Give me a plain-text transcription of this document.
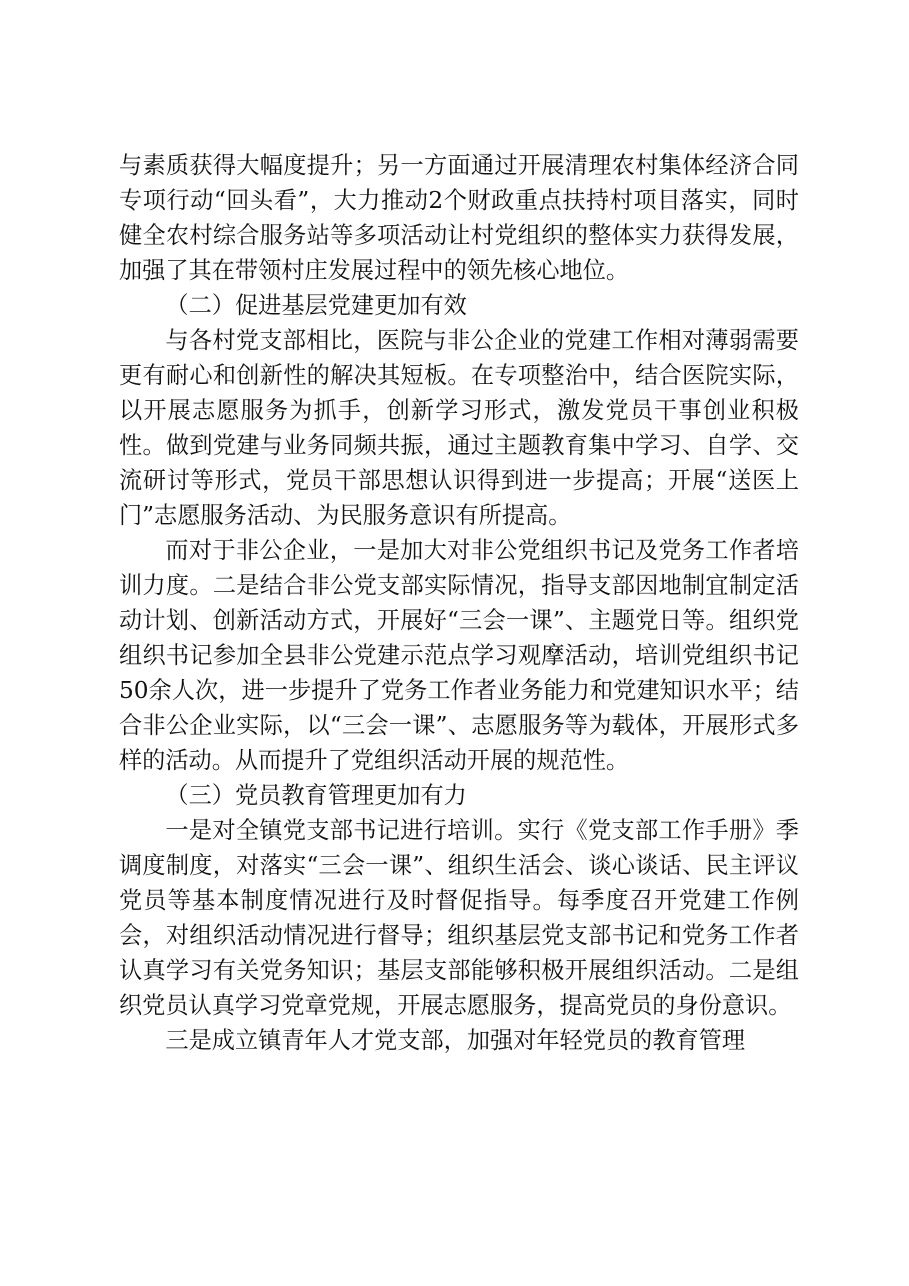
与素质获得大幅度提升；另一方面通过开展清理农村集体经济合同专项行动“回头看”，大力推动2个财政重点扶持村项目落实，同时健全农村综合服务站等多项活动让村党组织的整体实力获得发展，加强了其在带领村庄发展过程中的领先核心地位。

（二）促进基层党建更加有效

与各村党支部相比，医院与非公企业的党建工作相对薄弱需要更有耐心和创新性的解决其短板。在专项整治中，结合医院实际，以开展志愿服务为抓手，创新学习形式，激发党员干事创业积极性。做到党建与业务同频共振，通过主题教育集中学习、自学、交流研讨等形式，党员干部思想认识得到进一步提高；开展“送医上门”志愿服务活动、为民服务意识有所提高。

而对于非公企业，一是加大对非公党组织书记及党务工作者培训力度。二是结合非公党支部实际情况，指导支部因地制宜制定活动计划、创新活动方式，开展好“三会一课”、主题党日等。组织党组织书记参加全县非公党建示范点学习观摩活动，培训党组织书记50余人次，进一步提升了党务工作者业务能力和党建知识水平；结合非公企业实际，以“三会一课”、志愿服务等为载体，开展形式多样的活动。从而提升了党组织活动开展的规范性。

（三）党员教育管理更加有力

一是对全镇党支部书记进行培训。实行《党支部工作手册》季调度制度，对落实“三会一课”、组织生活会、谈心谈话、民主评议党员等基本制度情况进行及时督促指导。每季度召开党建工作例会，对组织活动情况进行督导；组织基层党支部书记和党务工作者认真学习有关党务知识；基层支部能够积极开展组织活动。二是组织党员认真学习党章党规，开展志愿服务，提高党员的身份意识。

三是成立镇青年人才党支部，加强对年轻党员的教育管理
